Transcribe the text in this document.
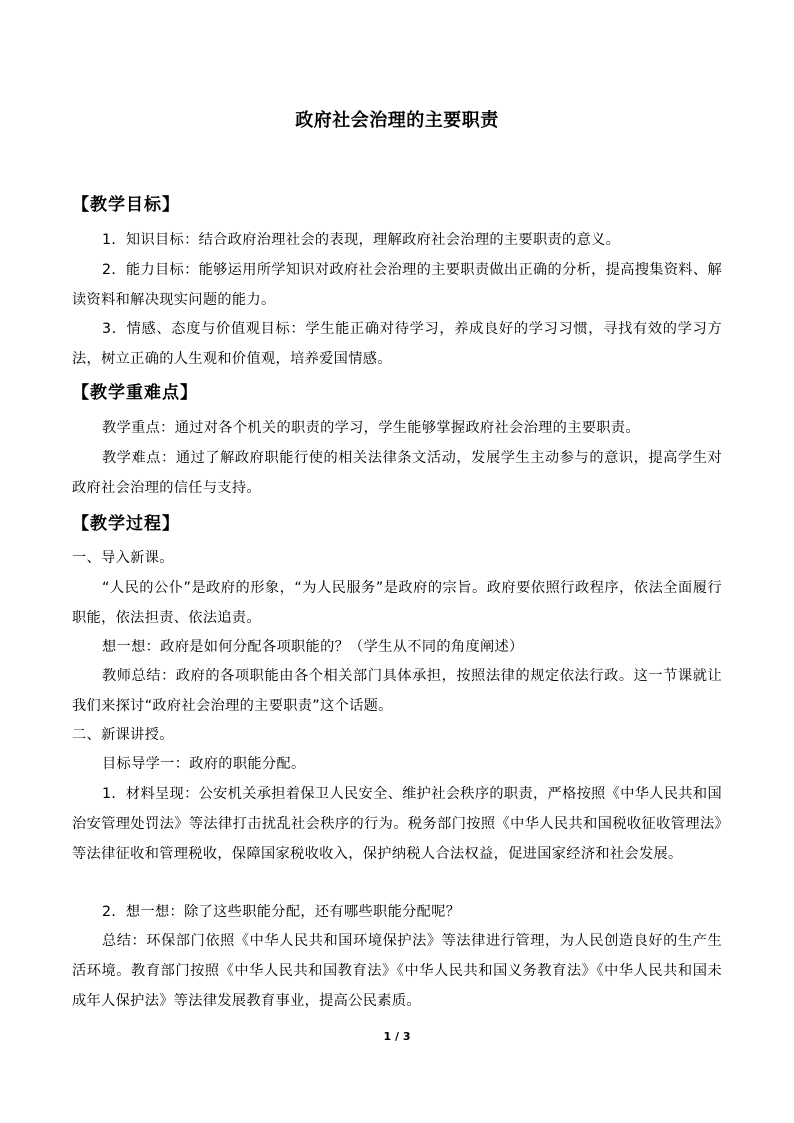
政府社会治理的主要职责
【教学目标】
1．知识目标：结合政府治理社会的表现，理解政府社会治理的主要职责的意义。
2．能力目标：能够运用所学知识对政府社会治理的主要职责做出正确的分析，提高搜集资料、解读资料和解决现实问题的能力。
3．情感、态度与价值观目标：学生能正确对待学习，养成良好的学习习惯，寻找有效的学习方法，树立正确的人生观和价值观，培养爱国情感。
【教学重难点】
教学重点：通过对各个机关的职责的学习，学生能够掌握政府社会治理的主要职责。
教学难点：通过了解政府职能行使的相关法律条文活动，发展学生主动参与的意识，提高学生对政府社会治理的信任与支持。
【教学过程】
一、导入新课。
“人民的公仆”是政府的形象，“为人民服务”是政府的宗旨。政府要依照行政程序，依法全面履行职能，依法担责、依法追责。
想一想：政府是如何分配各项职能的？（学生从不同的角度阐述）
教师总结：政府的各项职能由各个相关部门具体承担，按照法律的规定依法行政。这一节课就让我们来探讨“政府社会治理的主要职责”这个话题。
二、新课讲授。
目标导学一：政府的职能分配。
1．材料呈现：公安机关承担着保卫人民安全、维护社会秩序的职责，严格按照《中华人民共和国治安管理处罚法》等法律打击扰乱社会秩序的行为。税务部门按照《中华人民共和国税收征收管理法》等法律征收和管理税收，保障国家税收收入，保护纳税人合法权益，促进国家经济和社会发展。
2．想一想：除了这些职能分配，还有哪些职能分配呢？
总结：环保部门依照《中华人民共和国环境保护法》等法律进行管理，为人民创造良好的生产生活环境。教育部门按照《中华人民共和国教育法》《中华人民共和国义务教育法》《中华人民共和国未成年人保护法》等法律发展教育事业，提高公民素质。
1 / 3
